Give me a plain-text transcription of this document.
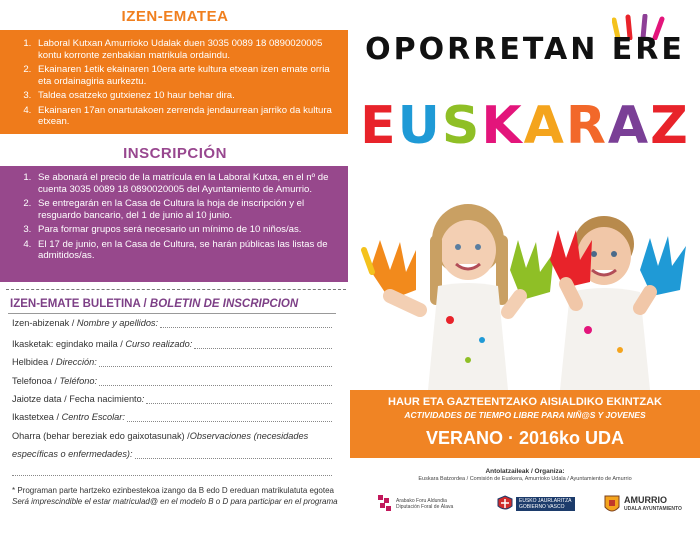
IZEN-EMATEA
1. Laboral Kutxan Amurrioko Udalak duen 3035 0089 18 0890020005 kontu korronte zenbakian matrikula ordaindu.
2. Ekainaren 1etik ekainaren 10era arte kultura etxean izen emate orria eta ordainagiria aurkeztu.
3. Taldea osatzeko gutxienez 10 haur behar dira.
4. Ekainaren 17an onartutakoen zerrenda jendaurrean jarriko da kultura etxean.
INSCRIPCIÓN
1. Se abonará el precio de la matrícula en la Laboral Kutxa, en el nº de cuenta 3035 0089 18 0890020005 del Ayuntamiento de Amurrio.
2. Se entregarán en la Casa de Cultura la hoja de inscripción y el resguardo bancario, del 1 de junio al 10 junio.
3. Para formar grupos será necesario un mínimo de 10 niños/as.
4. El 17 de junio, en la Casa de Cultura, se harán públicas las listas de admitidos/as.
IZEN-EMATE BULETINA / BOLETIN DE INSCRIPCION
Izen-abizenak / Nombre y apellidos:
Ikasketak: egindako maila / Curso realizado:
Helbidea / Dirección:
Telefonoa / Teléfono:
Jaiotze data / Fecha nacimiento :
Ikastetxea / Centro Escolar:
Oharra (behar bereziak edo gaixotasunak) / Observaciones (necesidades
específicas o enfermedades):
* Programan parte hartzeko ezinbestekoa izango da B edo D ereduan matrikulatuta egotea
Será imprescindible el estar matriculad@ en el modelo B o D para participar en el programa
OPORRETAN ERE
EUSKARAZ
HAUR ETA GAZTEENTZAKO AISIALDIKO EKINTZAK
ACTIVIDADES DE TIEMPO LIBRE PARA NIÑ@S Y JOVENES
VERANO · 2016ko UDA
Antolatzaileak / Organiza:
Euskara Batzordea / Comisión de Euskera, Amurrioko Udala / Ayuntamiento de Amurrio
Arabako Foru Aldundia
Diputación Foral de Álava
EUSKO JAURLARITZA
GOBIERNO VASCO
AMURRIO
UDALA AYUNTAMIENTO
